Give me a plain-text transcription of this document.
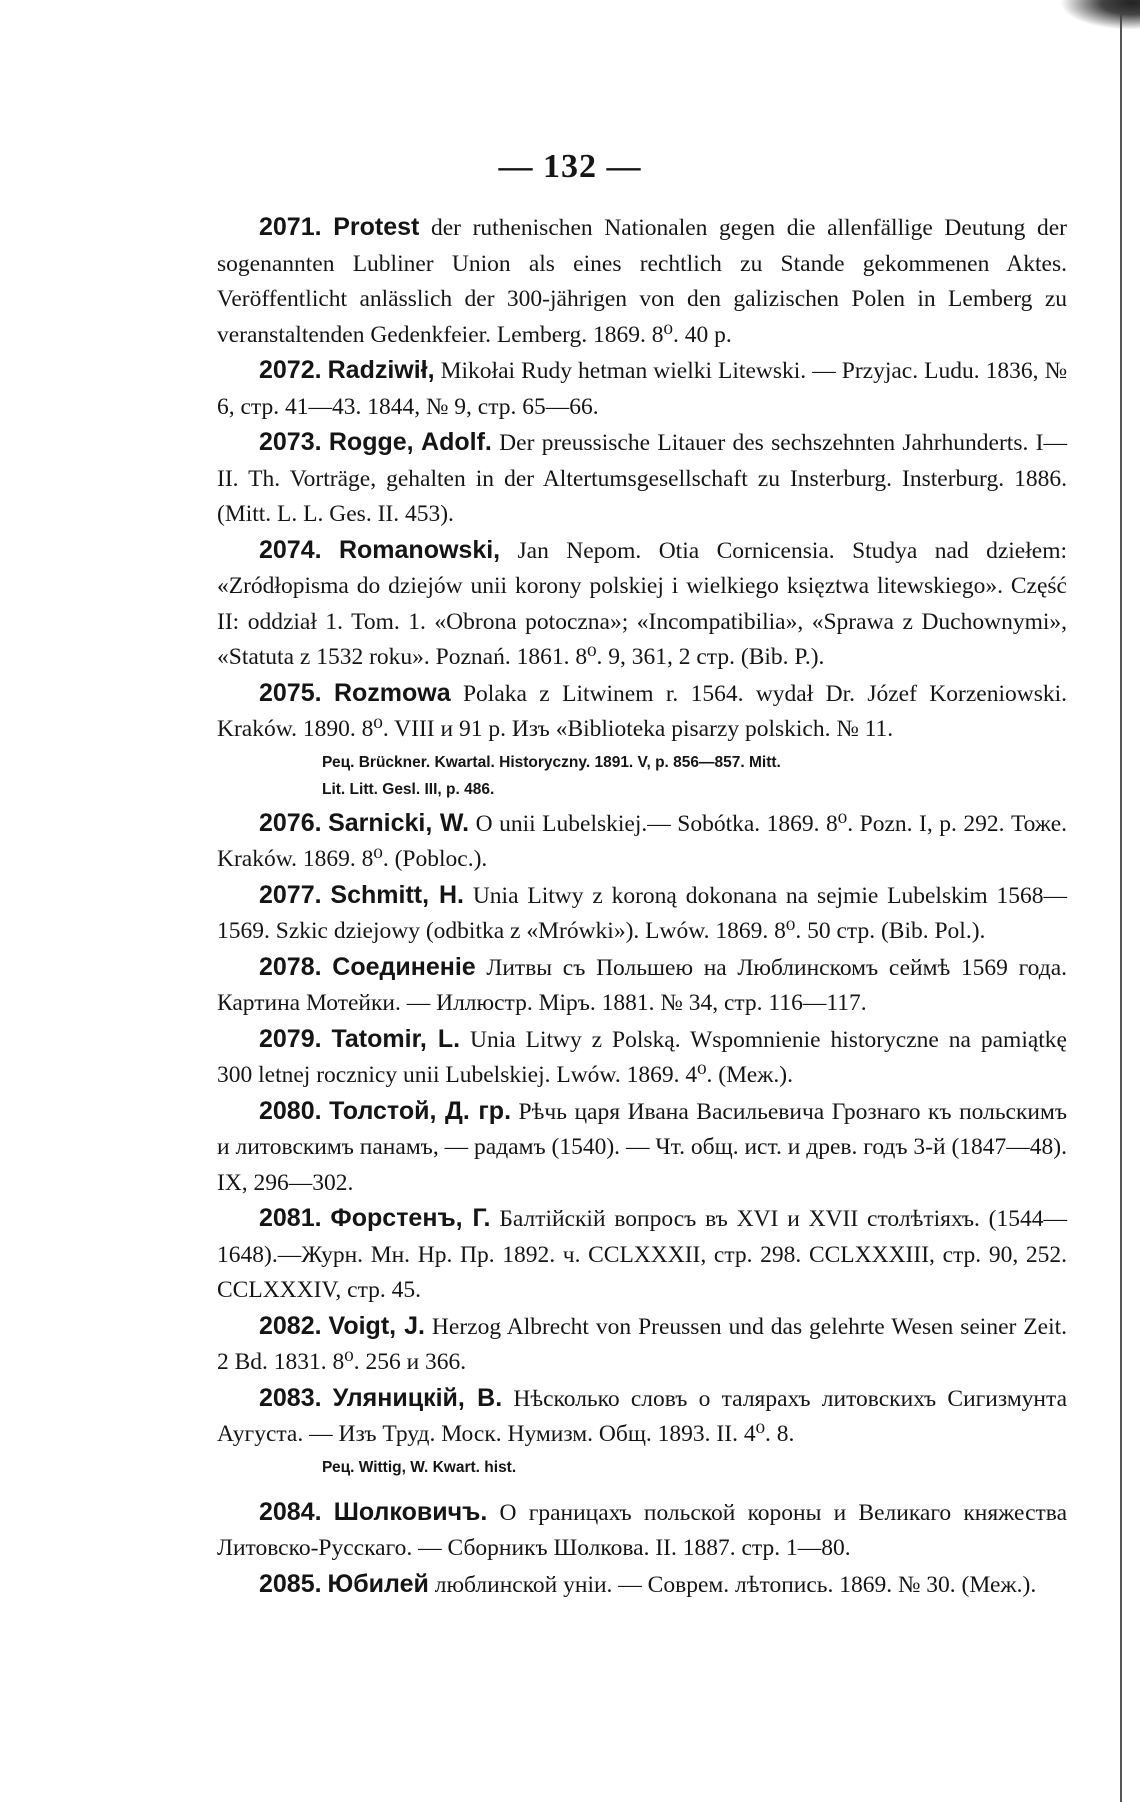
— 132 —

2071. Protest der ruthenischen Nationalen gegen die allenfällige Deutung der sogenannten Lubliner Union als eines rechtlich zu Stande gekommenen Aktes. Veröffentlicht anlässlich der 300-jährigen von den galizischen Polen in Lemberg zu veranstaltenden Gedenkfeier. Lemberg. 1869. 8⁰. 40 p.

2072. Radziwił, Mikołai Rudy hetman wielki Litewski. — Przyjac. Ludu. 1836, № 6, стр. 41—43. 1844, № 9, стр. 65—66.

2073. Rogge, Adolf. Der preussische Litauer des sechszehnten Jahrhunderts. I—II. Th. Vorträge, gehalten in der Altertumsgesellschaft zu Insterburg. Insterburg. 1886. (Mitt. L. L. Ges. II. 453).

2074. Romanowski, Jan Nepom. Otia Cornicensia. Studya nad dziełem: «Zródłopisma do dziejów unii korony polskiej i wielkiego księztwa litewskiego». Część II: oddział 1. Tom. 1. «Obrona potoczna»; «Incompatibilia», «Sprawa z Duchownymi», «Statuta z 1532 roku». Poznań. 1861. 8⁰. 9, 361, 2 стр. (Bib. P.).

2075. Rozmowa Polaka z Litwinem r. 1564. wydał Dr. Józef Korzeniowski. Kraków. 1890. 8⁰. VIII и 91 p. Изъ «Biblioteka pisarzy polskich. № 11.

Рец. Brückner. Kwartal. Historyczny. 1891. V, p. 856—857. Mitt.

Lit. Litt. Gesl. III, p. 486.

2076. Sarnicki, W. O unii Lubelskiej.— Sobótka. 1869. 8⁰. Pozn. I, p. 292. Тоже. Kraków. 1869. 8⁰. (Pobloc.).

2077. Schmitt, H. Unia Litwy z koroną dokonana na sejmie Lubelskim 1568—1569. Szkic dziejowy (odbitka z «Mrówki»). Lwów. 1869. 8⁰. 50 стр. (Bib. Pol.).

2078. Соединеніе Литвы съ Польшею на Люблинскомъ сеймѣ 1569 года. Картина Мотейки. — Иллюстр. Міръ. 1881. № 34, стр. 116—117.

2079. Tatomir, L. Unia Litwy z Polską. Wspomnienie historyczne na pamiątkę 300 letnej rocznicy unii Lubelskiej. Lwów. 1869. 4⁰. (Меж.).

2080. Толстой, Д. гр. Рѣчь царя Ивана Васильевича Грознаго къ польскимъ и литовскимъ панамъ, — радамъ (1540). — Чт. общ. ист. и древ. годъ 3-й (1847—48). IX, 296—302.

2081. Форстенъ, Г. Балтійскій вопросъ въ XVI и XVII столѣтіяхъ. (1544—1648).—Журн. Мн. Нр. Пр. 1892. ч. CCLXXXII, стр. 298. CCLXXXIII, стр. 90, 252. CCLXXXIV, стр. 45.

2082. Voigt, J. Herzog Albrecht von Preussen und das gelehrte Wesen seiner Zeit. 2 Bd. 1831. 8⁰. 256 и 366.

2083. Уляницкій, В. Нѣсколько словъ о талярахъ литовскихъ Сигизмунта Аугуста. — Изъ Труд. Моск. Нумизм. Общ. 1893. II. 4⁰. 8.

Рец. Wittig, W. Kwart. hist.

2084. Шолковичъ. О границахъ польской короны и Великаго княжества Литовско-Русскаго. — Сборникъ Шолкова. II. 1887. стр. 1—80.

2085. Юбилей люблинской уніи. — Соврем. лѣтопись. 1869. № 30. (Меж.).
